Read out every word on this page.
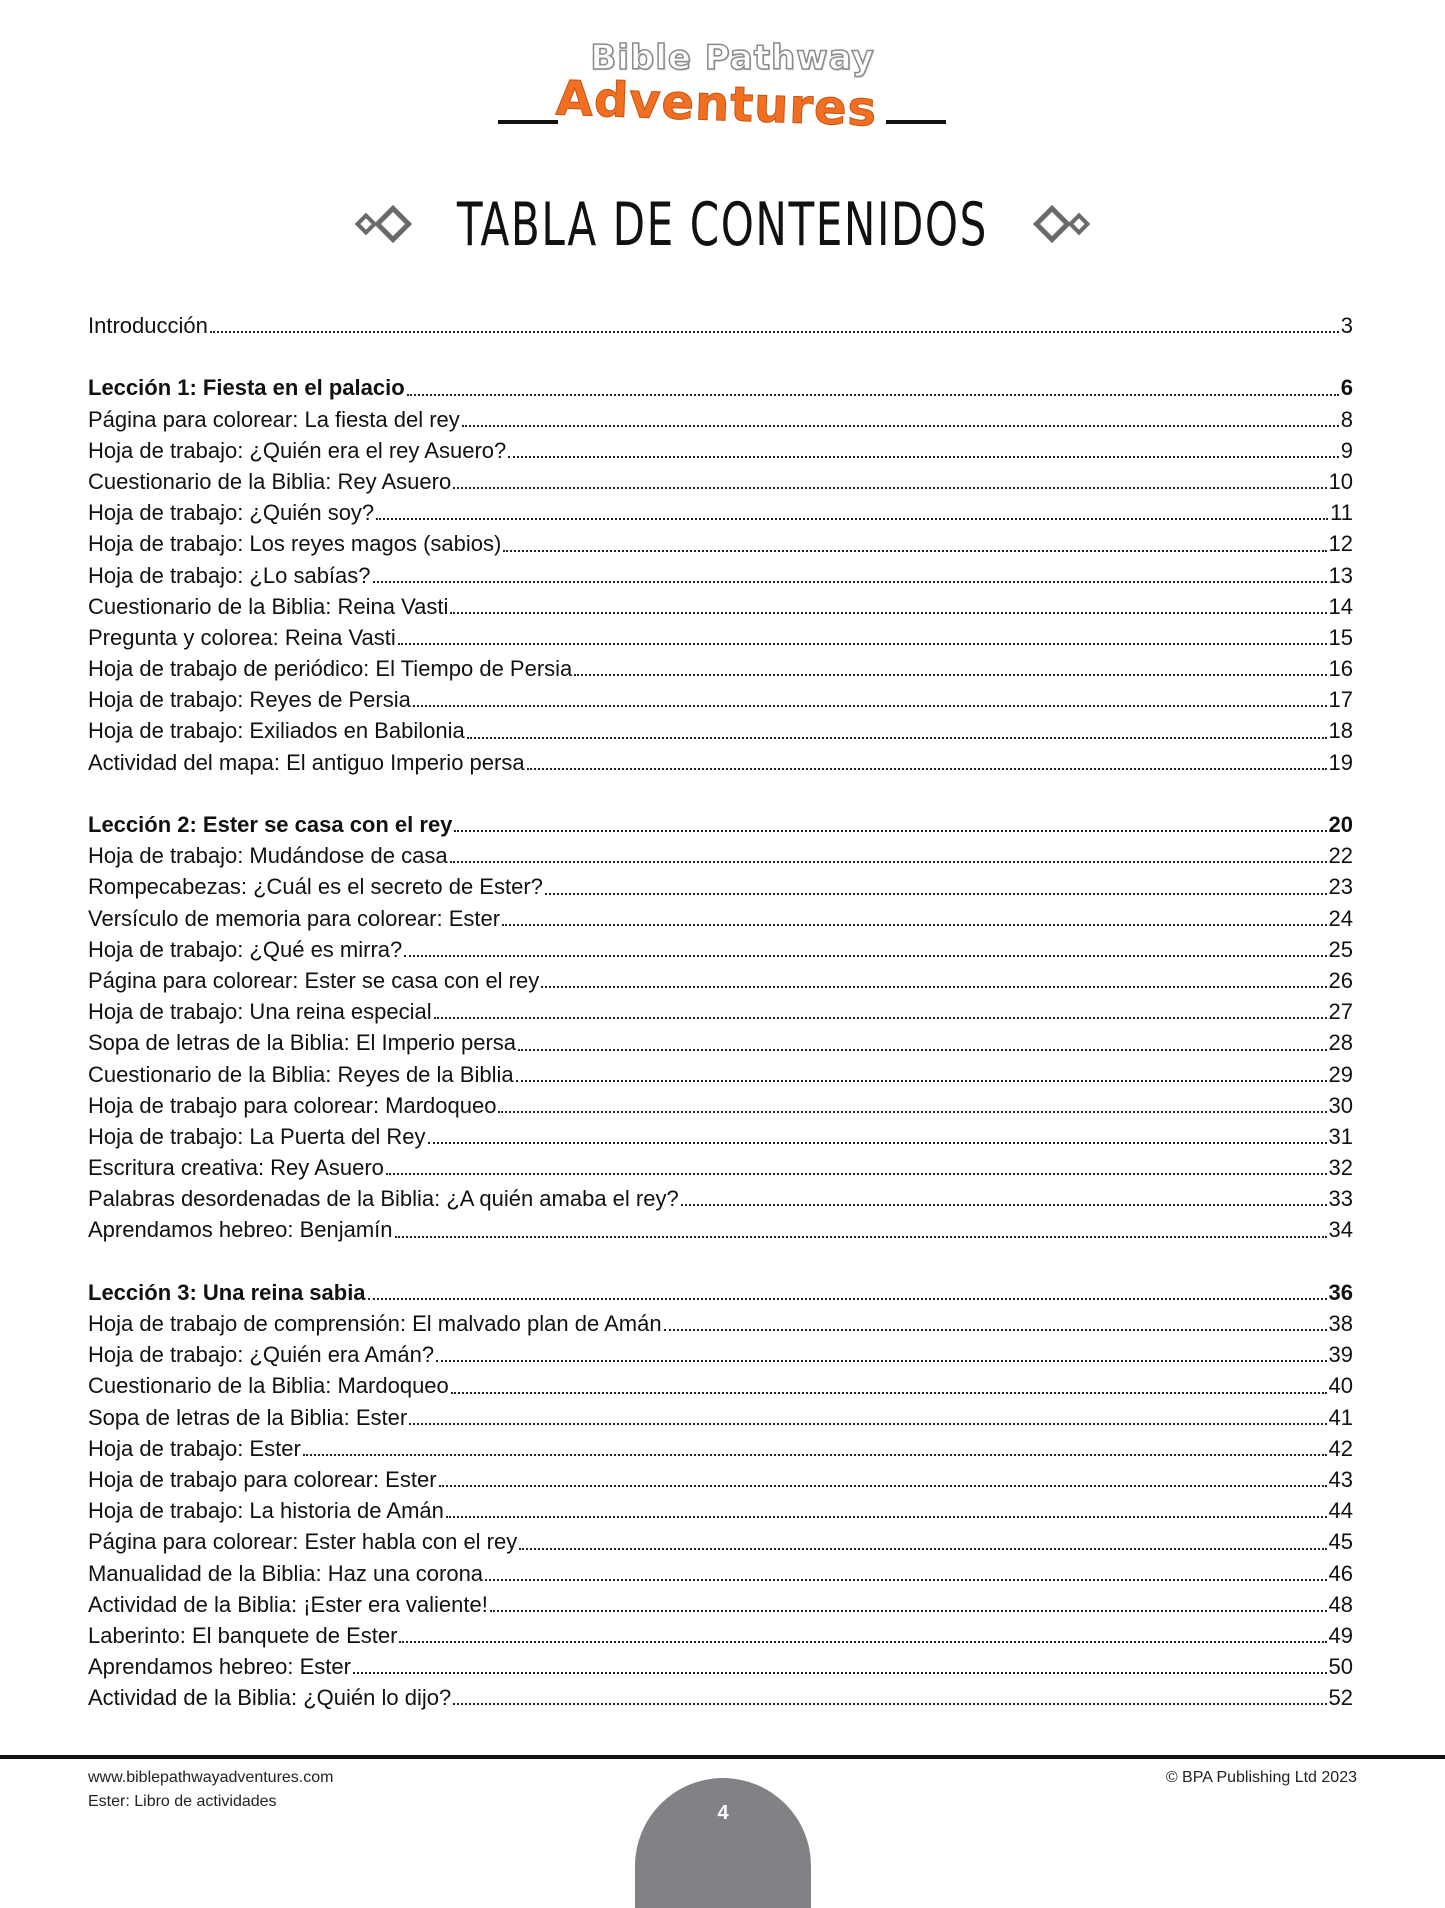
Bible Pathway
Adventures
TABLA DE CONTENIDOS
Introducción	3
Lección 1: Fiesta en el palacio	6
Página para colorear: La fiesta del rey	8
Hoja de trabajo: ¿Quién era el rey Asuero?	9
Cuestionario de la Biblia: Rey Asuero	10
Hoja de trabajo: ¿Quién soy?	11
Hoja de trabajo: Los reyes magos (sabios)	12
Hoja de trabajo: ¿Lo sabías?	13
Cuestionario de la Biblia: Reina Vasti	14
Pregunta y colorea: Reina Vasti	15
Hoja de trabajo de periódico: El Tiempo de Persia	16
Hoja de trabajo: Reyes de Persia	17
Hoja de trabajo: Exiliados en Babilonia	18
Actividad del mapa: El antiguo Imperio persa	19
Lección 2: Ester se casa con el rey	20
Hoja de trabajo: Mudándose de casa	22
Rompecabezas: ¿Cuál es el secreto de Ester?	23
Versículo de memoria para colorear: Ester	24
Hoja de trabajo: ¿Qué es mirra?	25
Página para colorear: Ester se casa con el rey	26
Hoja de trabajo: Una reina especial	27
Sopa de letras de la Biblia: El Imperio persa	28
Cuestionario de la Biblia: Reyes de la Biblia	29
Hoja de trabajo para colorear: Mardoqueo	30
Hoja de trabajo: La Puerta del Rey	31
Escritura creativa: Rey Asuero	32
Palabras desordenadas de la Biblia: ¿A quién amaba el rey?	33
Aprendamos hebreo: Benjamín	34
Lección 3: Una reina sabia	36
Hoja de trabajo de comprensión: El malvado plan de Amán	38
Hoja de trabajo: ¿Quién era Amán?	39
Cuestionario de la Biblia: Mardoqueo	40
Sopa de letras de la Biblia: Ester	41
Hoja de trabajo: Ester	42
Hoja de trabajo para colorear: Ester	43
Hoja de trabajo: La historia de Amán	44
Página para colorear: Ester habla con el rey	45
Manualidad de la Biblia: Haz una corona	46
Actividad de la Biblia: ¡Ester era valiente!	48
Laberinto: El banquete de Ester	49
Aprendamos hebreo: Ester	50
Actividad de la Biblia: ¿Quién lo dijo?	52
www.biblepathwayadventures.com
Ester: Libro de actividades
© BPA Publishing Ltd 2023
4
